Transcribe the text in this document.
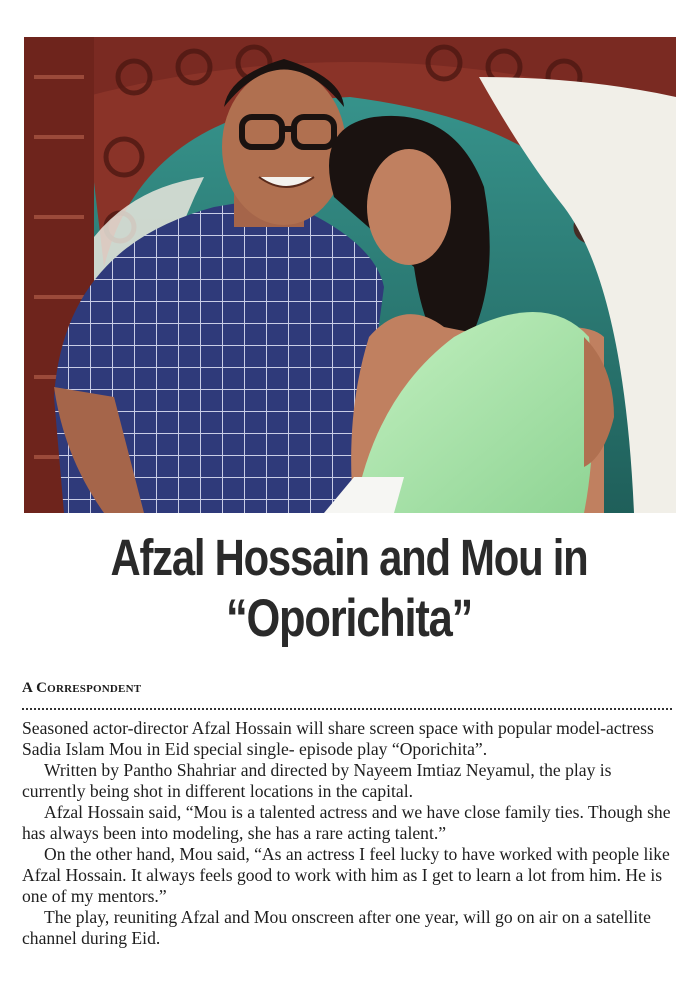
Afzal Hossain and Mou in
“Oporichita”
A Correspondent

Seasoned actor-director Afzal Hossain will share screen space with popular model-actress Sadia Islam Mou in Eid special single- episode play “Oporichita”.

Written by Pantho Shahriar and directed by Nayeem Imtiaz Neyamul, the play is currently being shot in different locations in the capital.

Afzal Hossain said, “Mou is a talented actress and we have close family ties. Though she has always been into modeling, she has a rare acting talent.”

On the other hand, Mou said, “As an actress I feel lucky to have worked with people like Afzal Hossain. It always feels good to work with him as I get to learn a lot from him. He is one of my mentors.”

The play, reuniting Afzal and Mou onscreen after one year, will go on air on a satellite channel during Eid.
